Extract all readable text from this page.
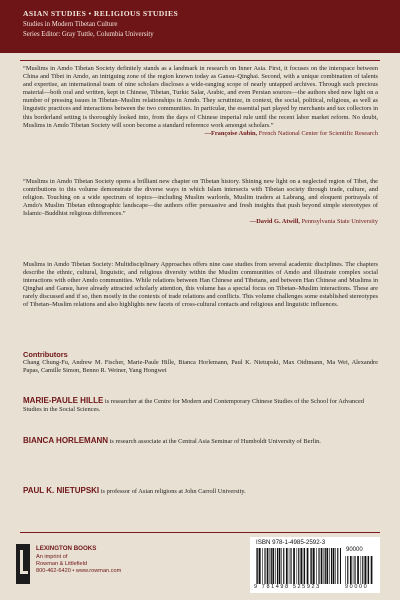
ASIAN STUDIES • RELIGIOUS STUDIES
Studies in Modern Tibetan Culture
Series Editor: Gray Tuttle, Columbia University
“Muslims in Amdo Tibetan Society definitely stands as a landmark in research on Inner Asia. First, it focuses on the interspace between China and Tibet in Amdo, an intriguing zone of the region known today as Gansu–Qinghai. Second, with a unique combination of talents and expertise, an international team of nine scholars discloses a wide-ranging scope of nearly untapped archives. Through such precious material—both oral and written, kept in Chinese, Tibetan, Turkic Salar, Arabic, and even Persian sources—the authors shed new light on a number of pressing issues in Tibetan–Muslim relationships in Amdo. They scrutinize, in context, the social, political, religious, as well as linguistic practices and interactions between the two communities. In particular, the essential part played by merchants and tax collectors in this borderland setting is thoroughly looked into, from the days of Chinese imperial rule until the recent labor market reform. No doubt, Muslims in Amdo Tibetan Society will soon become a standard reference work amongst scholars.”
—Françoise Aubin, French National Center for Scientific Research
“Muslims in Amdo Tibetan Society opens a brilliant new chapter on Tibetan history. Shining new light on a neglected region of Tibet, the contributions to this volume demonstrate the diverse ways in which Islam intersects with Tibetan society through trade, culture, and religion. Touching on a wide spectrum of topics—including Muslim warlords, Muslim traders at Labrang, and eloquent portrayals of Amdo's Muslim Tibetan ethnographic landscape—the authors offer persuasive and fresh insights that push beyond simple stereotypes of Islamic–Buddhist religious differences.”
—David G. Atwill, Pennsylvania State University
Muslims in Amdo Tibetan Society: Multidisciplinary Approaches offers nine case studies from several academic disciplines. The chapters describe the ethnic, cultural, linguistic, and religious diversity within the Muslim communities of Amdo and illustrate complex social interactions with other Amdo communities. While relations between Han Chinese and Tibetans, and between Han Chinese and Muslims in Qinghai and Gansu, have already attracted scholarly attention, this volume has a special focus on Tibetan–Muslim interactions. These are rarely discussed and if so, then mostly in the contexts of trade relations and conflicts. This volume challenges some established stereotypes of Tibetan–Muslim relations and also highlights new facets of cross-cultural contacts and religious and linguistic influences.
Contributors
Chang Chung-Fu, Andrew M. Fischer, Marie-Paule Hille, Bianca Horlemann, Paul K. Nietupski, Max Oidtmann, Ma Wei, Alexandre Papas, Camille Simon, Benno R. Weiner, Yang Hongwei
MARIE-PAULE HILLE is researcher at the Centre for Modern and Contemporary Chinese Studies of the School for Advanced Studies in the Social Sciences.
BIANCA HORLEMANN is research associate at the Central Asia Seminar of Humboldt University of Berlin.
PAUL K. NIETUPSKI is professor of Asian religions at John Carroll University.
LEXINGTON BOOKS
An imprint of
Rowman & Littlefield
800-462-6420 • www.rowman.com
ISBN 978-1-4985-2592-3
90000
9 781498 525923	90000
